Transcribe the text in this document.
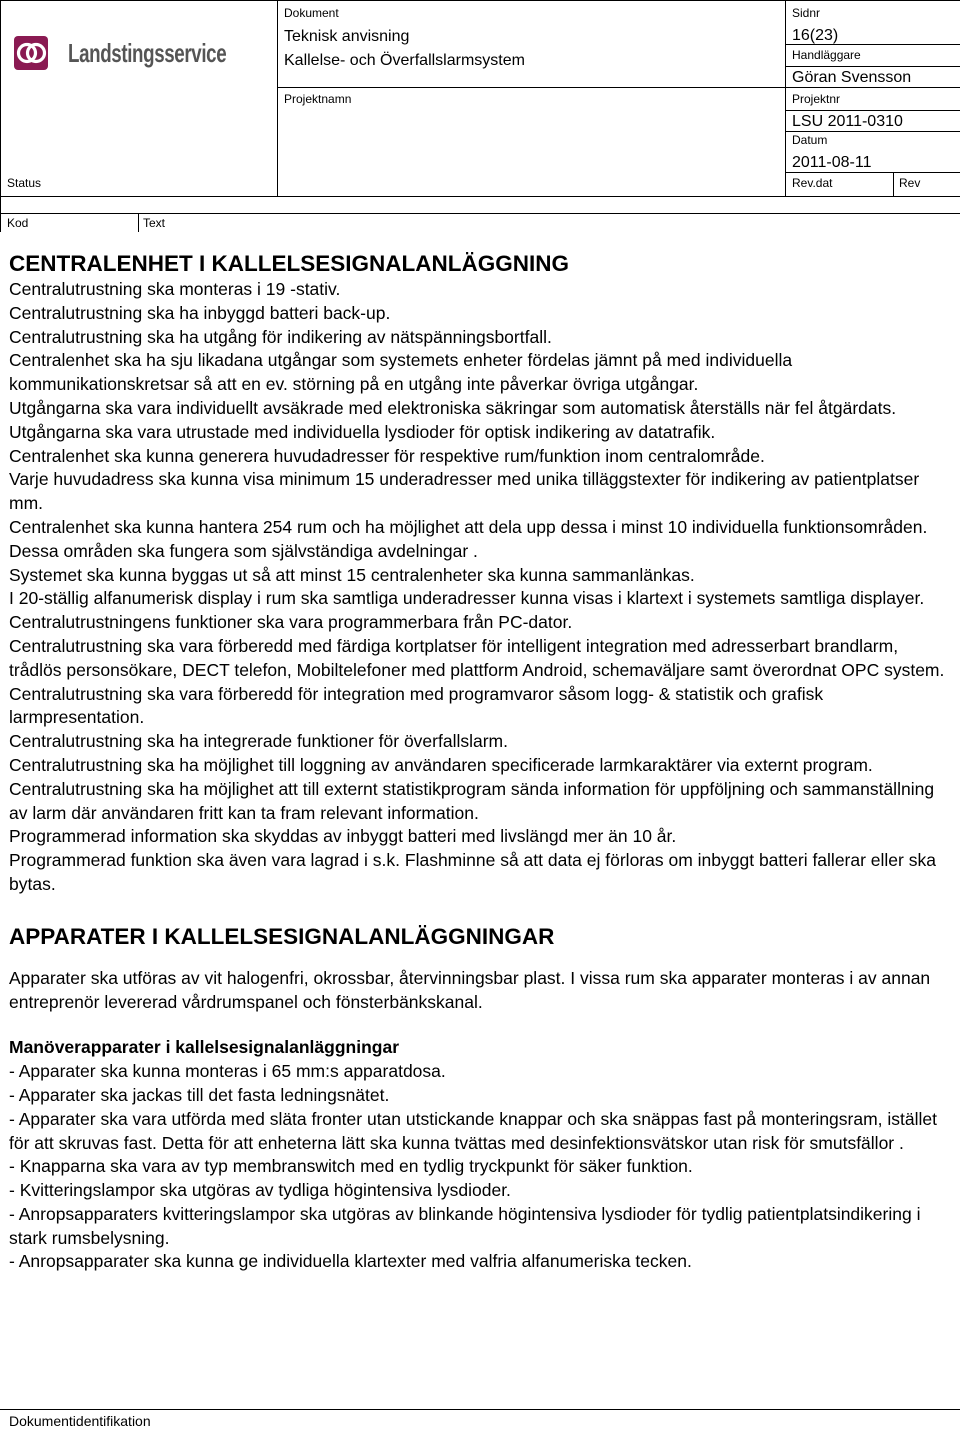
Landstingsservice
Dokument
Teknisk anvisning
Kallelse- och Överfallslarmsystem
Projektnamn
Status
Sidnr
16(23)
Handläggare
Göran Svensson
Projektnr
LSU 2011-0310
Datum
2011-08-11
Rev.dat	Rev
Kod	Text
CENTRALENHET I KALLELSESIGNALANLÄGGNING

Centralutrustning ska monteras i 19 -stativ.

Centralutrustning ska ha inbyggd batteri back-up.

Centralutrustning ska ha utgång för indikering av nätspänningsbortfall.

Centralenhet ska ha sju likadana utgångar som systemets enheter fördelas jämnt på med individuella kommunikationskretsar så att en ev. störning på en utgång inte påverkar övriga utgångar.

Utgångarna ska vara individuellt avsäkrade med elektroniska säkringar som automatisk återställs när fel åtgärdats.

Utgångarna ska vara utrustade med individuella lysdioder för optisk indikering av datatrafik.

Centralenhet ska kunna generera huvudadresser för respektive rum/funktion inom centralområde.

Varje huvudadress ska kunna visa minimum 15 underadresser med unika tilläggstexter för indikering av patientplatser mm.

Centralenhet ska kunna hantera 254 rum och ha möjlighet att dela upp dessa i minst 10 individuella funktionsområden. Dessa områden ska fungera som självständiga avdelningar .

Systemet ska kunna byggas ut så att minst 15 centralenheter ska kunna sammanlänkas.

I 20-ställig alfanumerisk display i rum ska samtliga underadresser kunna visas i klartext i systemets samtliga displayer.

Centralutrustningens funktioner ska vara programmerbara från PC-dator.

Centralutrustning ska vara förberedd med färdiga kortplatser för intelligent integration med adresserbart brandlarm, trådlös personsökare, DECT telefon, Mobiltelefoner med plattform Android, schemaväljare samt överordnat OPC system.

Centralutrustning ska vara förberedd för integration med programvaror såsom logg- & statistik och grafisk larmpresentation.

Centralutrustning ska ha integrerade funktioner för överfallslarm.

Centralutrustning ska ha möjlighet till loggning av användaren specificerade larmkaraktärer via externt program.

Centralutrustning ska ha möjlighet att till externt statistikprogram sända information för uppföljning och sammanställning av larm där användaren fritt kan ta fram relevant information.

Programmerad information ska skyddas av inbyggt batteri med livslängd mer än 10 år.

Programmerad funktion ska även vara lagrad i s.k. Flashminne så att data ej förloras om inbyggt batteri fallerar eller ska bytas.

APPARATER I KALLELSESIGNALANLÄGGNINGAR

Apparater ska utföras av vit halogenfri, okrossbar, återvinningsbar plast. I vissa rum ska apparater monteras i av annan entreprenör levererad vårdrumspanel och fönsterbänkskanal.

Manöverapparater i kallelsesignalanläggningar

- Apparater ska kunna monteras i 65 mm:s apparatdosa.

- Apparater ska jackas till det fasta ledningsnätet.

- Apparater ska vara utförda med släta fronter utan utstickande knappar och ska snäppas fast på monteringsram, istället för att skruvas fast. Detta för att enheterna lätt ska kunna tvättas med desinfektionsvätskor utan risk för smutsfällor .

- Knapparna ska vara av typ membranswitch med en tydlig tryckpunkt för säker funktion.

- Kvitteringslampor ska utgöras av tydliga högintensiva lysdioder.

- Anropsapparaters kvitteringslampor ska utgöras av blinkande högintensiva lysdioder för tydlig patientplatsindikering i stark rumsbelysning.

- Anropsapparater ska kunna ge individuella klartexter med valfria alfanumeriska tecken.

Dokumentidentifikation
